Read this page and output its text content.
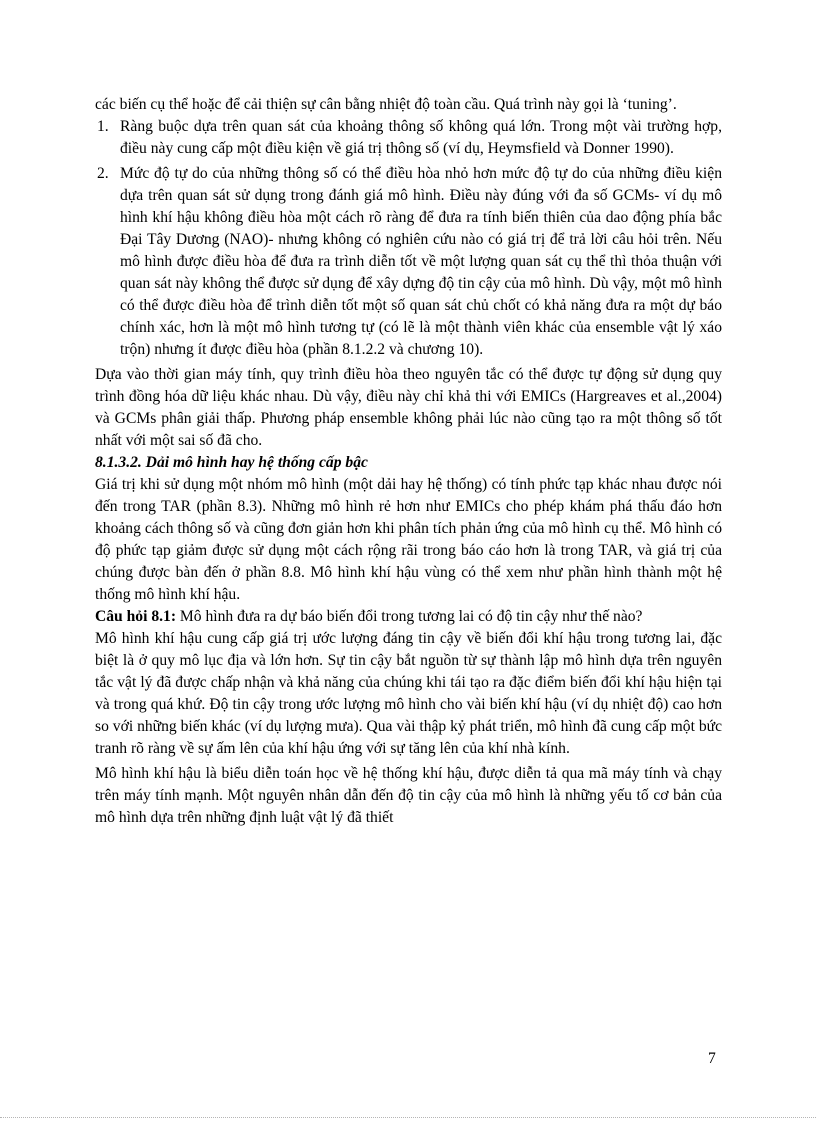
các biến cụ thể hoặc để cải thiện sự cân bằng nhiệt độ toàn cầu. Quá trình này gọi là ‘tuning’.

1. Ràng buộc dựa trên quan sát của khoảng thông số không quá lớn. Trong một vài trường hợp, điều này cung cấp một điều kiện về giá trị thông số (ví dụ, Heymsfield và Donner 1990).
2. Mức độ tự do của những thông số có thể điều hòa nhỏ hơn mức độ tự do của những điều kiện dựa trên quan sát sử dụng trong đánh giá mô hình. Điều này đúng với đa số GCMs- ví dụ mô hình khí hậu không điều hòa một cách rõ ràng để đưa ra tính biến thiên của dao động phía bắc Đại Tây Dương (NAO)- nhưng không có nghiên cứu nào có giá trị để trả lời câu hỏi trên. Nếu mô hình được điều hòa để đưa ra trình diễn tốt về một lượng quan sát cụ thể thì thỏa thuận với quan sát này không thể được sử dụng để xây dựng độ tin cậy của mô hình. Dù vậy, một mô hình có thể được điều hòa để trình diễn tốt một số quan sát chủ chốt có khả năng đưa ra một dự báo chính xác, hơn là một mô hình tương tự (có lẽ là một thành viên khác của ensemble vật lý xáo trộn) nhưng ít được điều hòa (phần 8.1.2.2 và chương 10).

Dựa vào thời gian máy tính, quy trình điều hòa theo nguyên tắc có thể được tự động sử dụng quy trình đồng hóa dữ liệu khác nhau. Dù vậy, điều này chỉ khả thi với EMICs (Hargreaves et al.,2004) và GCMs phân giải thấp. Phương pháp ensemble không phải lúc nào cũng tạo ra một thông số tốt nhất với một sai số đã cho.

8.1.3.2. Dải mô hình hay hệ thống cấp bậc

Giá trị khi sử dụng một nhóm mô hình (một dải hay hệ thống) có tính phức tạp khác nhau được nói đến trong TAR (phần 8.3). Những mô hình rẻ hơn như EMICs cho phép khám phá thấu đáo hơn khoảng cách thông số và cũng đơn giản hơn khi phân tích phản ứng của mô hình cụ thể. Mô hình có độ phức tạp giảm được sử dụng một cách rộng rãi trong báo cáo hơn là trong TAR, và giá trị của chúng được bàn đến ở phần 8.8. Mô hình khí hậu vùng có thể xem như phần hình thành một hệ thống mô hình khí hậu.

Câu hỏi 8.1: Mô hình đưa ra dự báo biến đổi trong tương lai có độ tin cậy như thế nào?

Mô hình khí hậu cung cấp giá trị ước lượng đáng tin cậy về biến đổi khí hậu trong tương lai, đặc biệt là ở quy mô lục địa và lớn hơn. Sự tin cậy bắt nguồn từ sự thành lập mô hình dựa trên nguyên tắc vật lý đã được chấp nhận và khả năng của chúng khi tái tạo ra đặc điểm biến đổi khí hậu hiện tại và trong quá khứ. Độ tin cậy trong ước lượng mô hình cho vài biến khí hậu (ví dụ nhiệt độ) cao hơn so với những biến khác (ví dụ lượng mưa). Qua vài thập kỷ phát triển, mô hình đã cung cấp một bức tranh rõ ràng về sự ấm lên của khí hậu ứng với sự tăng lên của khí nhà kính.

Mô hình khí hậu là biểu diễn toán học về hệ thống khí hậu, được diễn tả qua mã máy tính và chạy trên máy tính mạnh. Một nguyên nhân dẫn đến độ tin cậy của mô hình là những yếu tố cơ bản của mô hình dựa trên những định luật vật lý đã thiết

7
